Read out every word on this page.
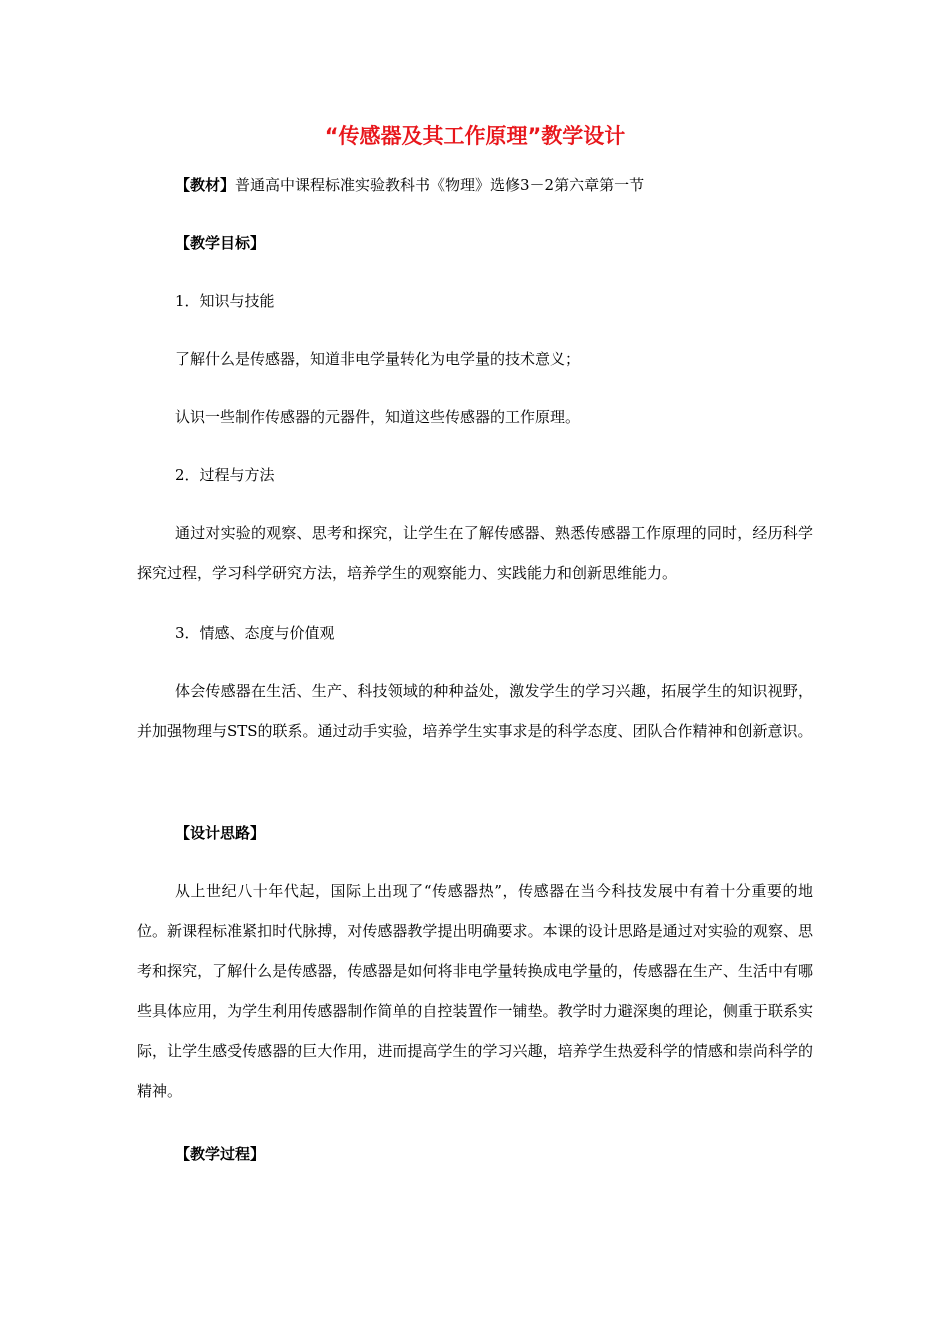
“传感器及其工作原理”教学设计
【教材】普通高中课程标准实验教科书《物理》选修3－2第六章第一节
【教学目标】
1．知识与技能
了解什么是传感器，知道非电学量转化为电学量的技术意义；
认识一些制作传感器的元器件，知道这些传感器的工作原理。
2．过程与方法
通过对实验的观察、思考和探究，让学生在了解传感器、熟悉传感器工作原理的同时，经历科学探究过程，学习科学研究方法，培养学生的观察能力、实践能力和创新思维能力。
3．情感、态度与价值观
体会传感器在生活、生产、科技领域的种种益处，激发学生的学习兴趣，拓展学生的知识视野，并加强物理与STS的联系。通过动手实验，培养学生实事求是的科学态度、团队合作精神和创新意识。
【设计思路】
从上世纪八十年代起，国际上出现了“传感器热”，传感器在当今科技发展中有着十分重要的地位。新课程标准紧扣时代脉搏，对传感器教学提出明确要求。本课的设计思路是通过对实验的观察、思考和探究，了解什么是传感器，传感器是如何将非电学量转换成电学量的，传感器在生产、生活中有哪些具体应用，为学生利用传感器制作简单的自控装置作一铺垫。教学时力避深奥的理论，侧重于联系实际，让学生感受传感器的巨大作用，进而提高学生的学习兴趣，培养学生热爱科学的情感和崇尚科学的精神。
【教学过程】
